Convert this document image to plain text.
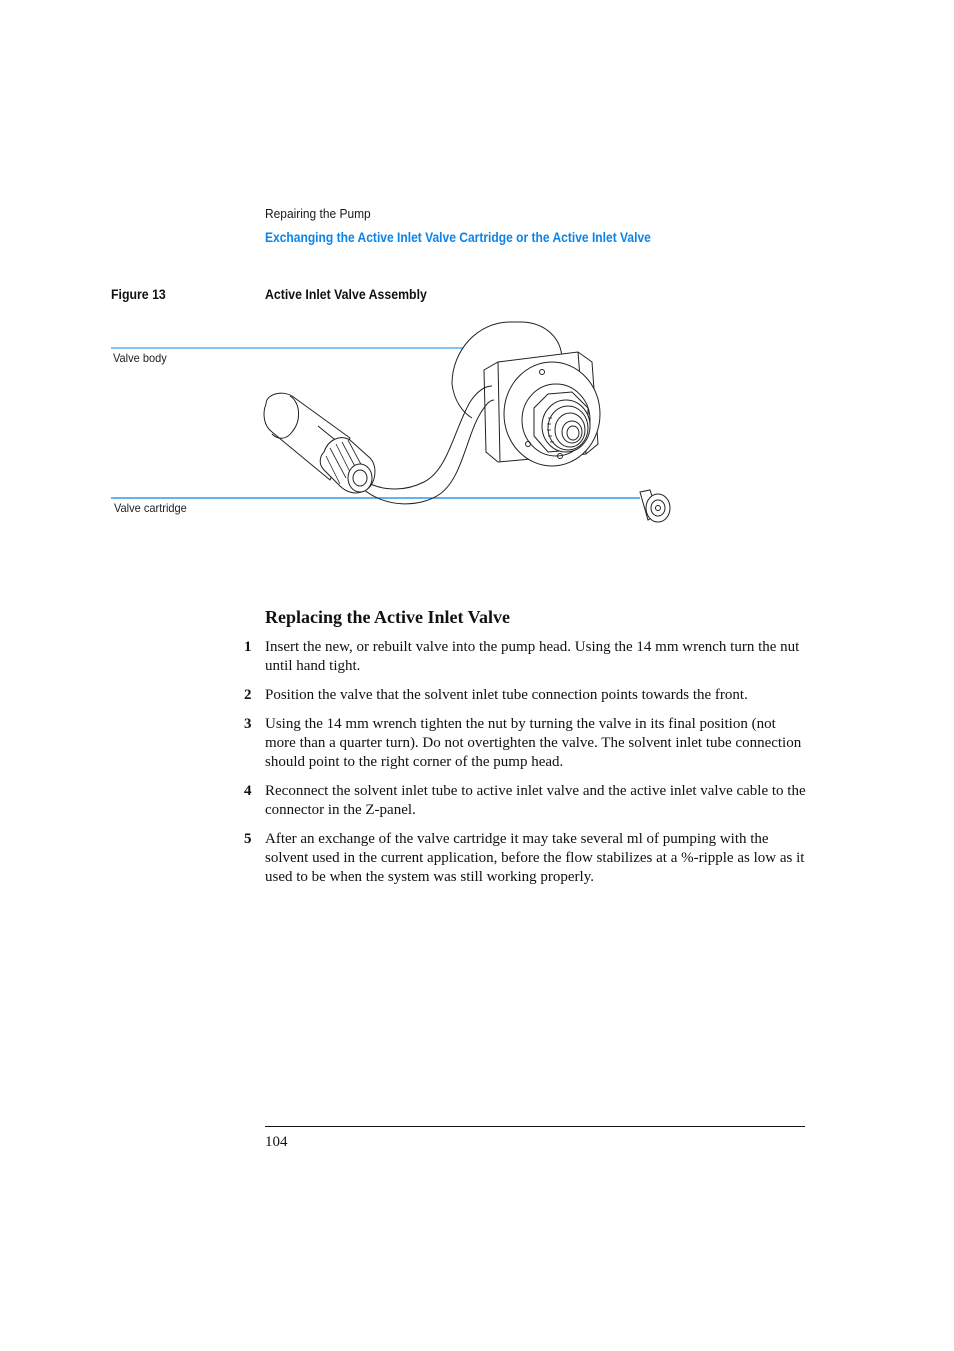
Repairing the Pump
Exchanging the Active Inlet Valve Cartridge or the Active Inlet Valve
Figure 13	Active Inlet Valve Assembly
Valve body
Valve cartridge
Replacing the Active Inlet Valve
1 Insert the new, or rebuilt valve into the pump head. Using the 14 mm wrench turn the nut until hand tight.
2 Position the valve that the solvent inlet tube connection points towards the front.
3 Using the 14 mm wrench tighten the nut by turning the valve in its final position (not more than a quarter turn). Do not overtighten the valve. The solvent inlet tube connection should point to the right corner of the pump head.
4 Reconnect the solvent inlet tube to active inlet valve and the active inlet valve cable to the connector in the Z-panel.
5 After an exchange of the valve cartridge it may take several ml of pumping with the solvent used in the current application, before the flow stabilizes at a %-ripple as low as it used to be when the system was still working properly.
104
